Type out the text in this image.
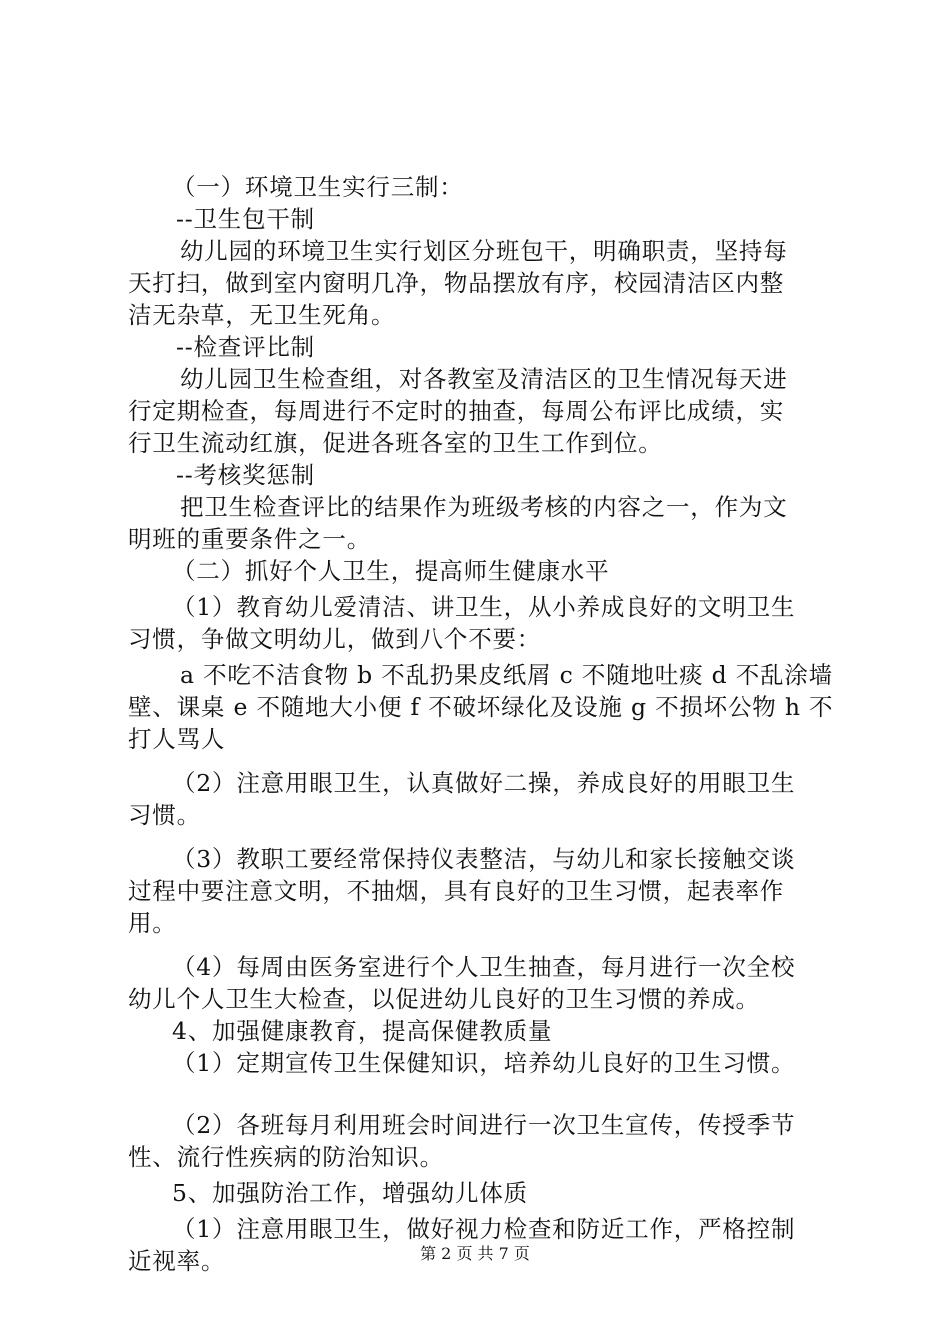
（一）环境卫生实行三制：
--卫生包干制
幼儿园的环境卫生实行划区分班包干，明确职责，坚持每
天打扫，做到室内窗明几净，物品摆放有序，校园清洁区内整
洁无杂草，无卫生死角。
--检查评比制
幼儿园卫生检查组，对各教室及清洁区的卫生情况每天进
行定期检查，每周进行不定时的抽查，每周公布评比成绩，实
行卫生流动红旗，促进各班各室的卫生工作到位。
--考核奖惩制
把卫生检查评比的结果作为班级考核的内容之一，作为文
明班的重要条件之一。
（二）抓好个人卫生，提高师生健康水平
（1）教育幼儿爱清洁、讲卫生，从小养成良好的文明卫生
习惯，争做文明幼儿，做到八个不要：
a 不吃不洁食物 b 不乱扔果皮纸屑 c 不随地吐痰 d 不乱涂墙
壁、课桌 e 不随地大小便 f 不破坏绿化及设施 g 不损坏公物 h 不
打人骂人
（2）注意用眼卫生，认真做好二操，养成良好的用眼卫生
习惯。
（3）教职工要经常保持仪表整洁，与幼儿和家长接触交谈
过程中要注意文明，不抽烟，具有良好的卫生习惯，起表率作
用。
（4）每周由医务室进行个人卫生抽查，每月进行一次全校
幼儿个人卫生大检查，以促进幼儿良好的卫生习惯的养成。
4、加强健康教育，提高保健教质量
（1）定期宣传卫生保健知识，培养幼儿良好的卫生习惯。
（2）各班每月利用班会时间进行一次卫生宣传，传授季节
性、流行性疾病的防治知识。
5、加强防治工作，增强幼儿体质
（1）注意用眼卫生，做好视力检查和防近工作，严格控制
近视率。	第 2 页 共 7 页
